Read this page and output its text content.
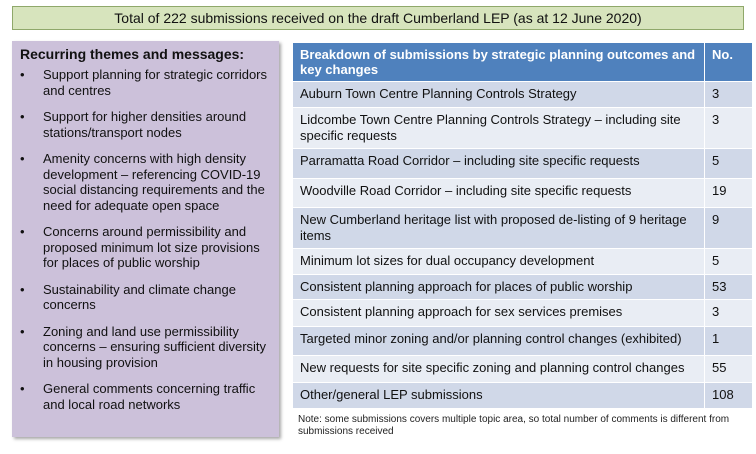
Total of 222 submissions received on the draft Cumberland LEP (as at 12 June 2020)
Recurring themes and messages:
• Support planning for strategic corridors and centres
• Support for higher densities around stations/transport nodes
• Amenity concerns with high density development – referencing COVID-19 social distancing requirements and the need for adequate open space
• Concerns around permissibility and proposed minimum lot size provisions for places of public worship
• Sustainability and climate change concerns
• Zoning and land use permissibility concerns – ensuring sufficient diversity in housing provision
• General comments concerning traffic and local road networks
Breakdown of submissions by strategic planning outcomes and key changes	No.
Auburn Town Centre Planning Controls Strategy	3
Lidcombe Town Centre Planning Controls Strategy – including site specific requests	3
Parramatta Road Corridor – including site specific requests	5
Woodville Road Corridor – including site specific requests	19
New Cumberland heritage list with proposed de-listing of 9 heritage items	9
Minimum lot sizes for dual occupancy development	5
Consistent planning approach for places of public worship	53
Consistent planning approach for sex services premises	3
Targeted minor zoning and/or planning control changes (exhibited)	1
New requests for site specific zoning and planning control changes	55
Other/general LEP submissions	108
Note: some submissions covers multiple topic area, so total number of comments is different from submissions received
